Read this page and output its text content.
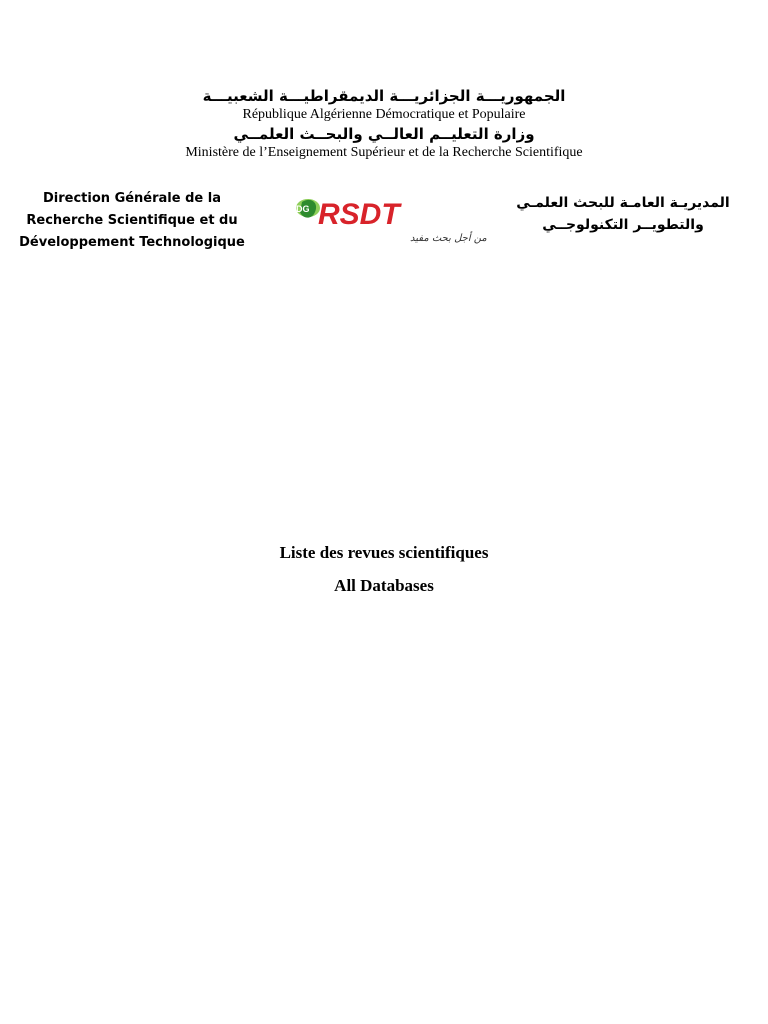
الجمهوريـــة الجزائريـــة الديمقراطيـــة الشعبيـــة
République Algérienne Démocratique et Populaire
وزارة التعليــم العالــي والبحــث العلمــي
Ministère de l’Enseignement Supérieur et de la Recherche Scientifique
Direction Générale de la
Recherche Scientifique et du
Développement Technologique
DG RSDT
من أجل بحث مفيد
المديريـة العامـة للبحث العلمـي
والتطويــر التكنولوجــي
Liste des revues scientifiques
All Databases
